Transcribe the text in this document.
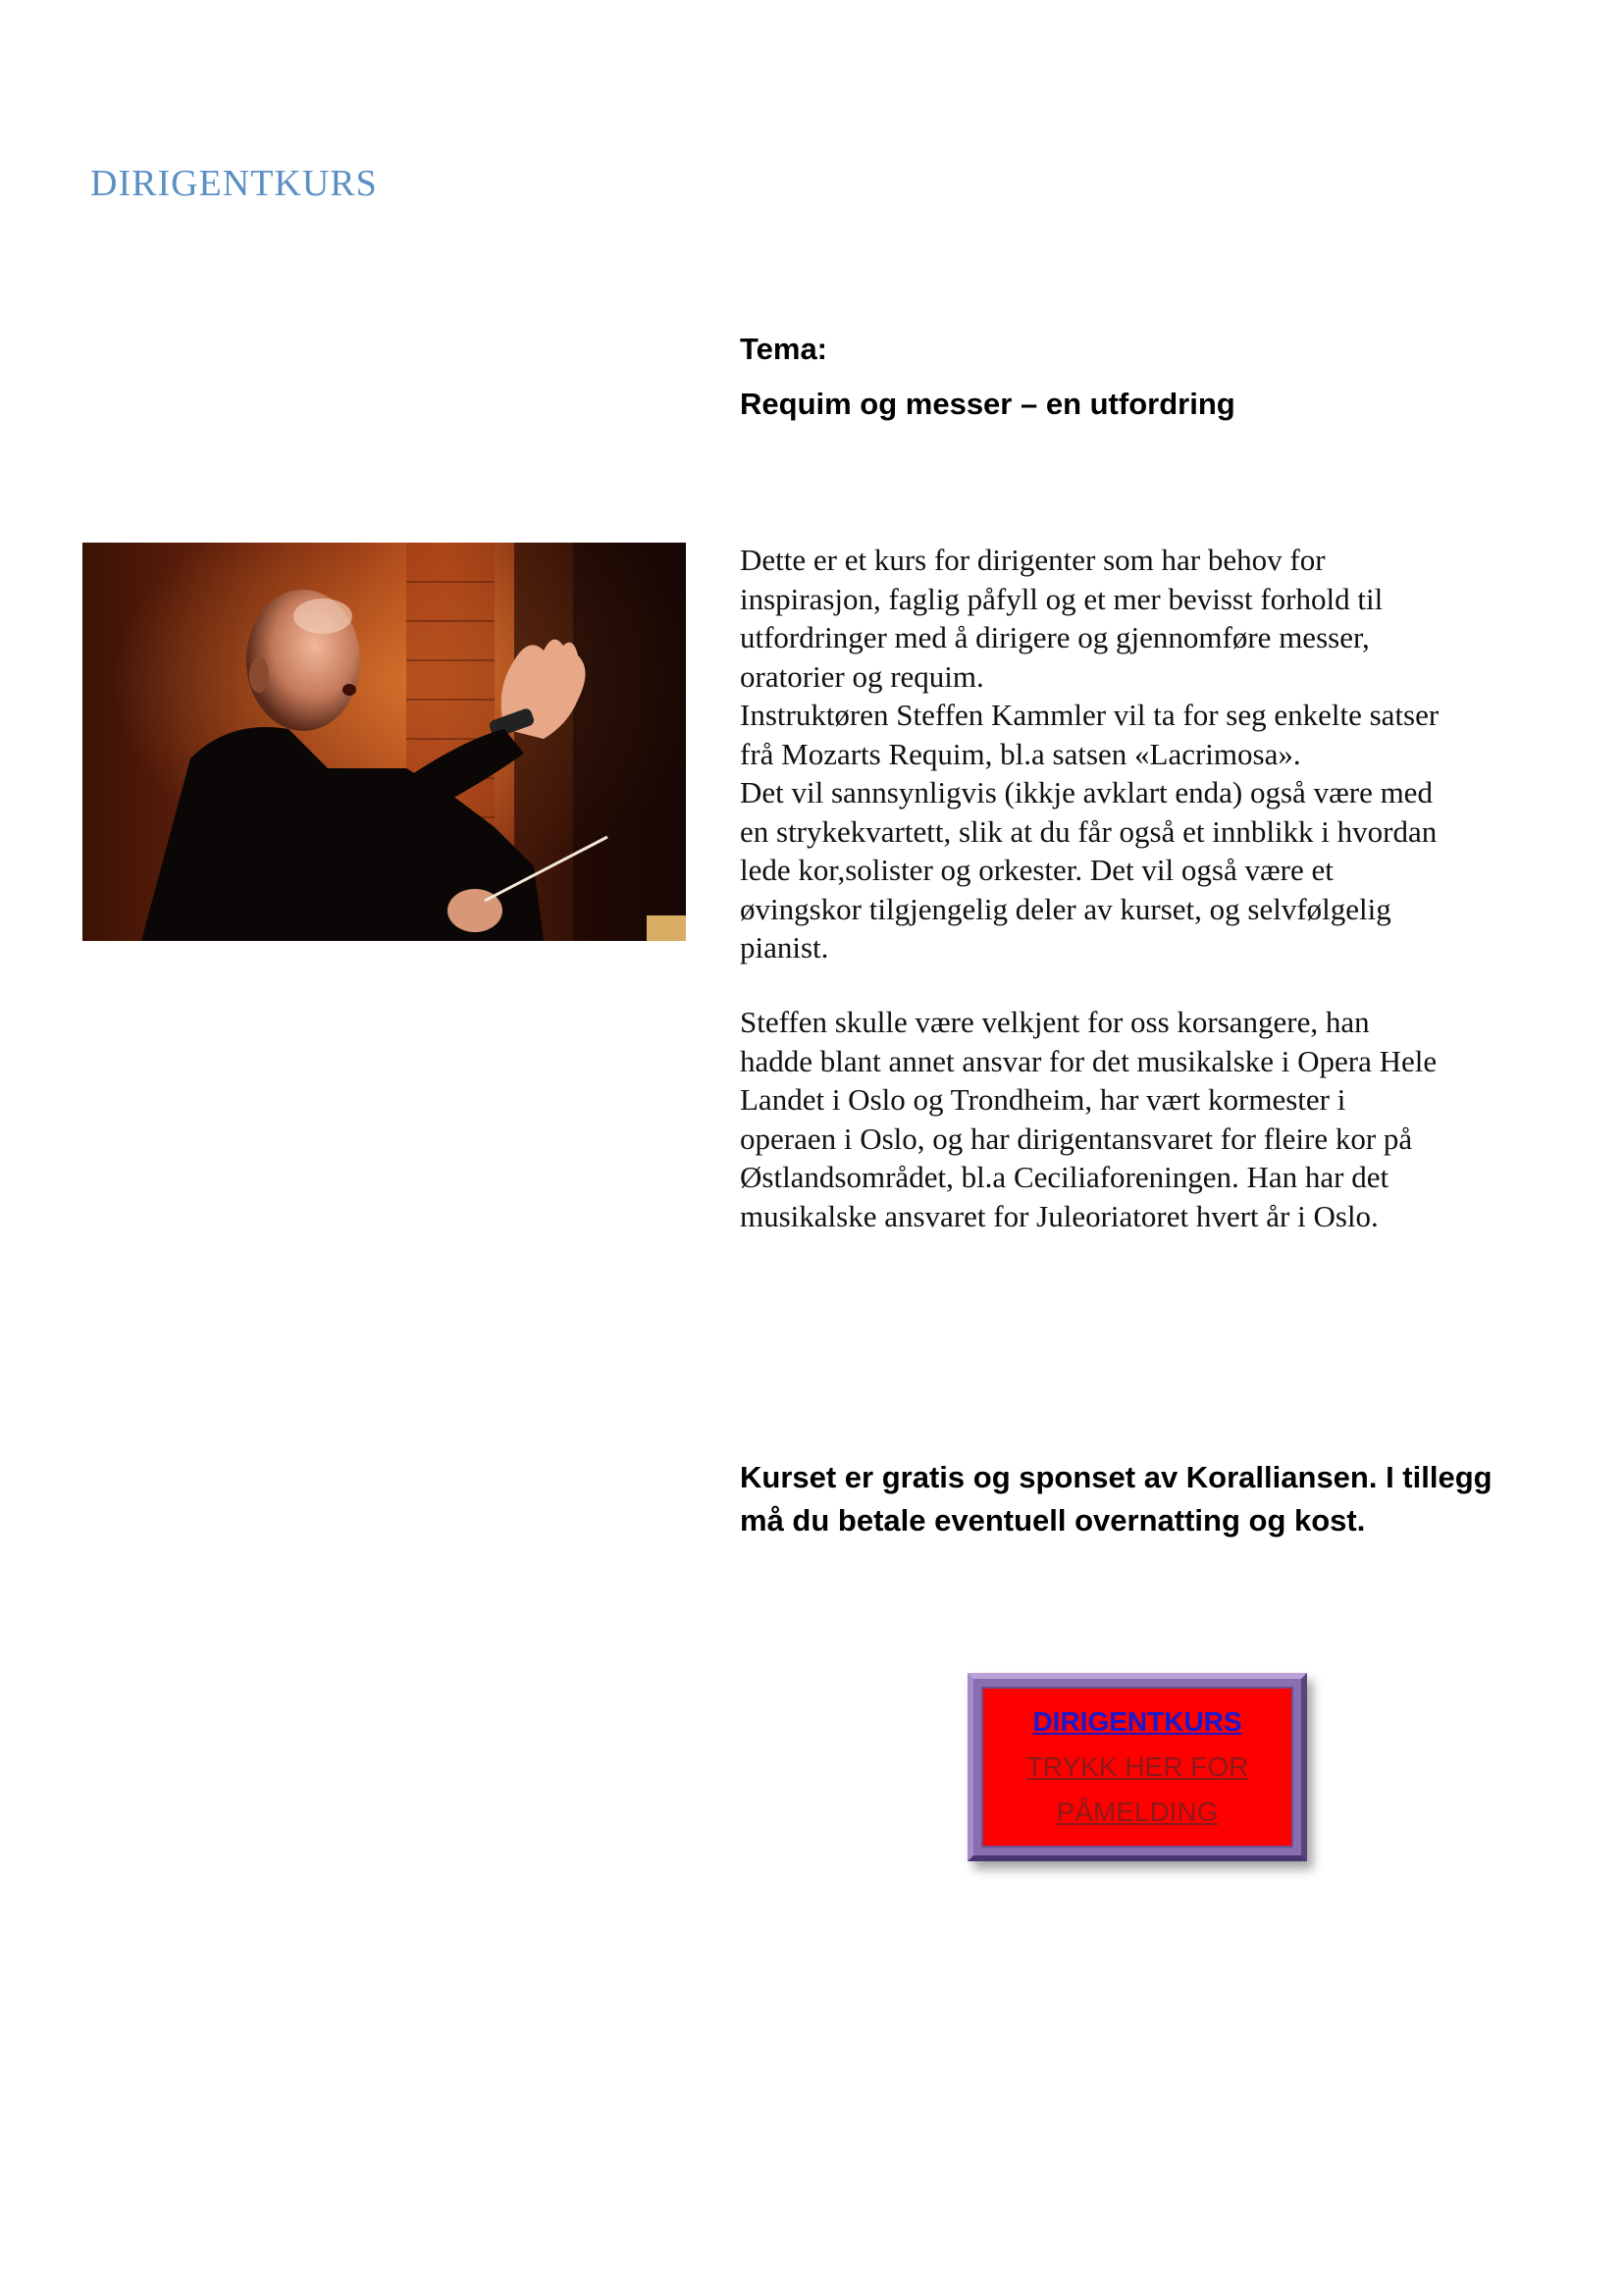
DIRIGENTKURS
Tema:
Requim og messer – en utfordring
Dette er et kurs for dirigenter som har behov for
inspirasjon, faglig påfyll og et mer bevisst forhold til
utfordringer med å dirigere og gjennomføre messer,
oratorier og requim.
Instruktøren Steffen Kammler vil ta for seg enkelte satser
frå Mozarts Requim, bl.a satsen «Lacrimosa».
Det vil sannsynligvis (ikkje avklart enda) også være med
en strykekvartett, slik at du får også et innblikk i hvordan
lede kor,solister og orkester. Det vil også være et
øvingskor tilgjengelig deler av kurset, og selvfølgelig
pianist.
Steffen skulle være velkjent for oss korsangere, han
hadde blant annet ansvar for det musikalske i Opera Hele
Landet i Oslo og Trondheim, har vært kormester i
operaen i Oslo, og har dirigentansvaret for fleire kor på
Østlandsområdet, bl.a Ceciliaforeningen. Han har det
musikalske ansvaret for Juleoriatoret hvert år i Oslo.
Kurset er gratis og sponset av Koralliansen. I tillegg
må du betale eventuell overnatting og kost.
DIRIGENTKURS
TRYKK HER FOR
PÅMELDING
